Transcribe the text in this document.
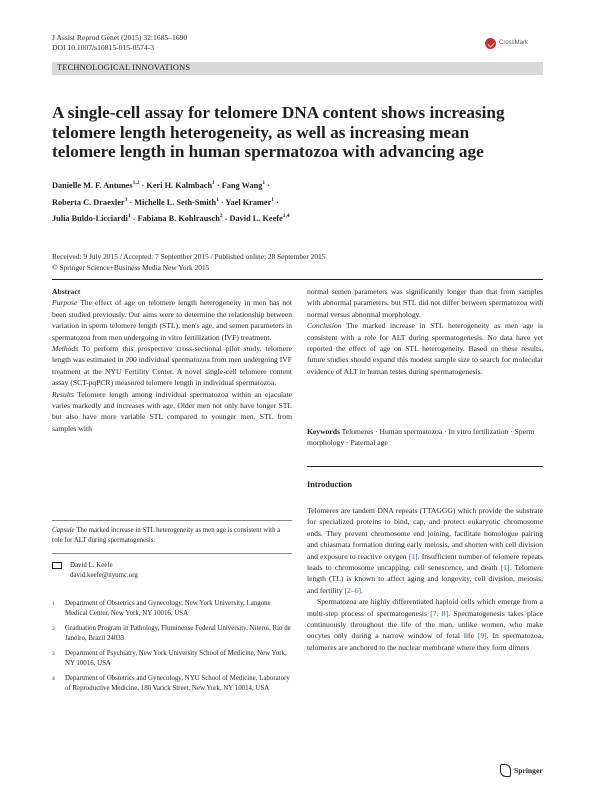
J Assist Reprod Genet (2015) 32:1685–1690
DOI 10.1007/s10815-015-0574-3	CrossMark
TECHNOLOGICAL INNOVATIONS
A single-cell assay for telomere DNA content shows increasing telomere length heterogeneity, as well as increasing mean telomere length in human spermatozoa with advancing age
Danielle M. F. Antunes$^{1,2}$ · Keri H. Kalmbach$^1$ · Fang Wang$^1$ ·
Roberta C. Draexler$^3$ · Michelle L. Seth-Smith$^1$ · Yael Kramer$^1$ ·
Julia Buldo-Licciardi$^1$ · Fabiana B. Kohlrausch$^2$ · David L. Keefe$^{1,4}$
Received: 9 July 2015 / Accepted: 7 September 2015 / Published online: 28 September 2015
© Springer Science+Business Media New York 2015

Abstract

Purpose The effect of age on telomere length heterogeneity in men has not been studied previously. Our aims were to determine the relationship between variation in sperm telomere length (STL), men's age, and semen parameters in spermatozoa from men undergoing in vitro fertilization (IVF) treatment.

Methods To perform this prospective cross-sectional pilot study, telomere length was estimated in 200 individual spermatozoa from men undergoing IVF treatment at the NYU Fertility Center. A novel single-cell telomere content assay (SCT-pqPCR) measured telomere length in individual spermatozoa.

Results Telomere length among individual spermatozoa within an ejaculate varies markedly and increases with age. Older men not only have longer STL but also have more variable STL compared to younger men. STL from samples with

normal semen parameters was significantly longer than that from samples with abnormal parameters, but STL did not differ between spermatozoa with normal versus abnormal morphology.

Conclusion The marked increase in STL heterogeneity as men age is consistent with a role for ALT during spermatogenesis. No data have yet reported the effect of age on STL heterogeneity. Based on these results, future studies should expand this modest sample size to search for molecular evidence of ALT in human testes during spermatogenesis.

Keywords Telomeres · Human spermatozoa · In vitro fertilization · Sperm morphology · Paternal age
Introduction

Telomeres are tandem DNA repeats (TTAGGG) which provide the substrate for specialized proteins to bind, cap, and protect eukaryotic chromosome ends. They prevent chromosome end joining, facilitate homologue pairing and chiasmata formation during early meiosis, and shorten with cell division and exposure to reactive oxygen [1]. Insufficient number of telomere repeats leads to chromosome uncapping, cell senescence, and death [1]. Telomere length (TL) is known to affect aging and longevity, cell division, meiosis, and fertility [2–6].

Spermatozoa are highly differentiated haploid cells which emerge from a multi-step process of spermatogenesis [7, 8]. Spermatogenesis takes place continuously throughout the life of the man, unlike women, who make oocytes only during a narrow window of fetal life [9]. In spermatozoa, telomeres are anchored to the nuclear membrane where they form dimers

Capsule The marked increase in STL heterogeneity as men age is consistent with a role for ALT during spermatogenesis.
David L. Keefe
david.keefe@nyumc.org
1	Department of Obstetrics and Gynecology, New York University, Langone Medical Center, New York, NY 10016, USA
2	Graduation Program in Pathology, Fluminense Federal University, Niteroi, Rio de Janeiro, Brazil 24033
3	Department of Psychiatry, New York University School of Medicine, New York, NY 10016, USA
4	Department of Obstetrics and Gynecology, NYU School of Medicine, Laboratory of Reproductive Medicine, 180 Varick Street, New York, NY 10014, USA
Springer
